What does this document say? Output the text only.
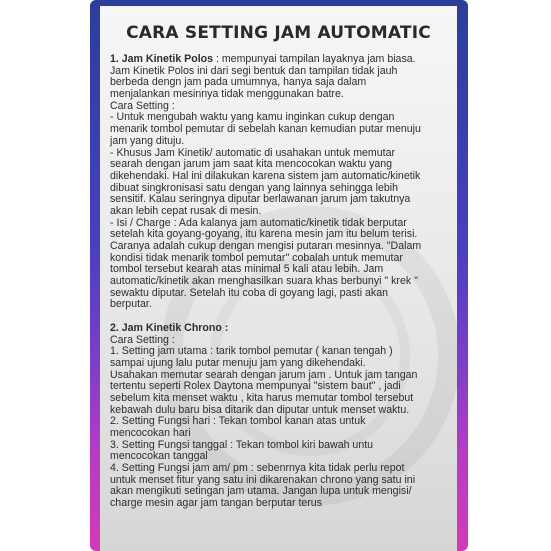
CARA SETTING JAM AUTOMATIC
1. Jam Kinetik Polos : mempunyai tampilan layaknya jam biasa.
Jam Kinetik Polos ini dari segi bentuk dan tampilan tidak jauh
berbeda dengn jam pada umumnya, hanya saja dalam
menjalankan mesinnya tidak menggunakan batre.
Cara Setting :
- Untuk mengubah waktu yang kamu inginkan cukup dengan
menarik tombol pemutar di sebelah kanan kemudian putar menuju
jam yang dituju.
- Khusus Jam Kinetik/ automatic di usahakan untuk memutar
searah dengan jarum jam saat kita mencocokan waktu yang
dikehendaki. Hal ini dilakukan karena sistem jam automatic/kinetik
dibuat singkronisasi satu dengan yang lainnya sehingga lebih
sensitif. Kalau seringnya diputar berlawanan jarum jam takutnya
akan lebih cepat rusak di mesin.
- Isi / Charge : Ada kalanya jam automatic/kinetik tidak berputar
setelah kita goyang-goyang, itu karena mesin jam itu belum terisi.
Caranya adalah cukup dengan mengisi putaran mesinnya. "Dalam
kondisi tidak menarik tombol pemutar" cobalah untuk memutar
tombol tersebut kearah atas minimal 5 kali atau lebih. Jam
automatic/kinetik akan menghasilkan suara khas berbunyi " krek "
sewaktu diputar. Setelah itu coba di goyang lagi, pasti akan
berputar.
2. Jam Kinetik Chrono :
Cara Setting :
1. Setting jam utama : tarik tombol pemutar ( kanan tengah )
sampai ujung lalu putar menuju jam yang dikehendaki.
Usahakan memutar searah dengan jarum jam . Untuk jam tangan
tertentu seperti Rolex Daytona mempunyai "sistem baut" , jadi
sebelum kita menset waktu , kita harus memutar tombol tersebut
kebawah dulu baru bisa ditarik dan diputar untuk menset waktu.
2. Setting Fungsi hari : Tekan tombol kanan atas untuk
mencocokan hari
3. Setting Fungsi tanggal : Tekan tombol kiri bawah untu
mencocokan tanggal
4. Setting Fungsi jam am/ pm : sebenrnya kita tidak perlu repot
untuk menset fitur yang satu ini dikarenakan chrono yang satu ini
akan mengikuti setingan jam utama. Jangan lupa untuk mengisi/
charge mesin agar jam tangan berputar terus
